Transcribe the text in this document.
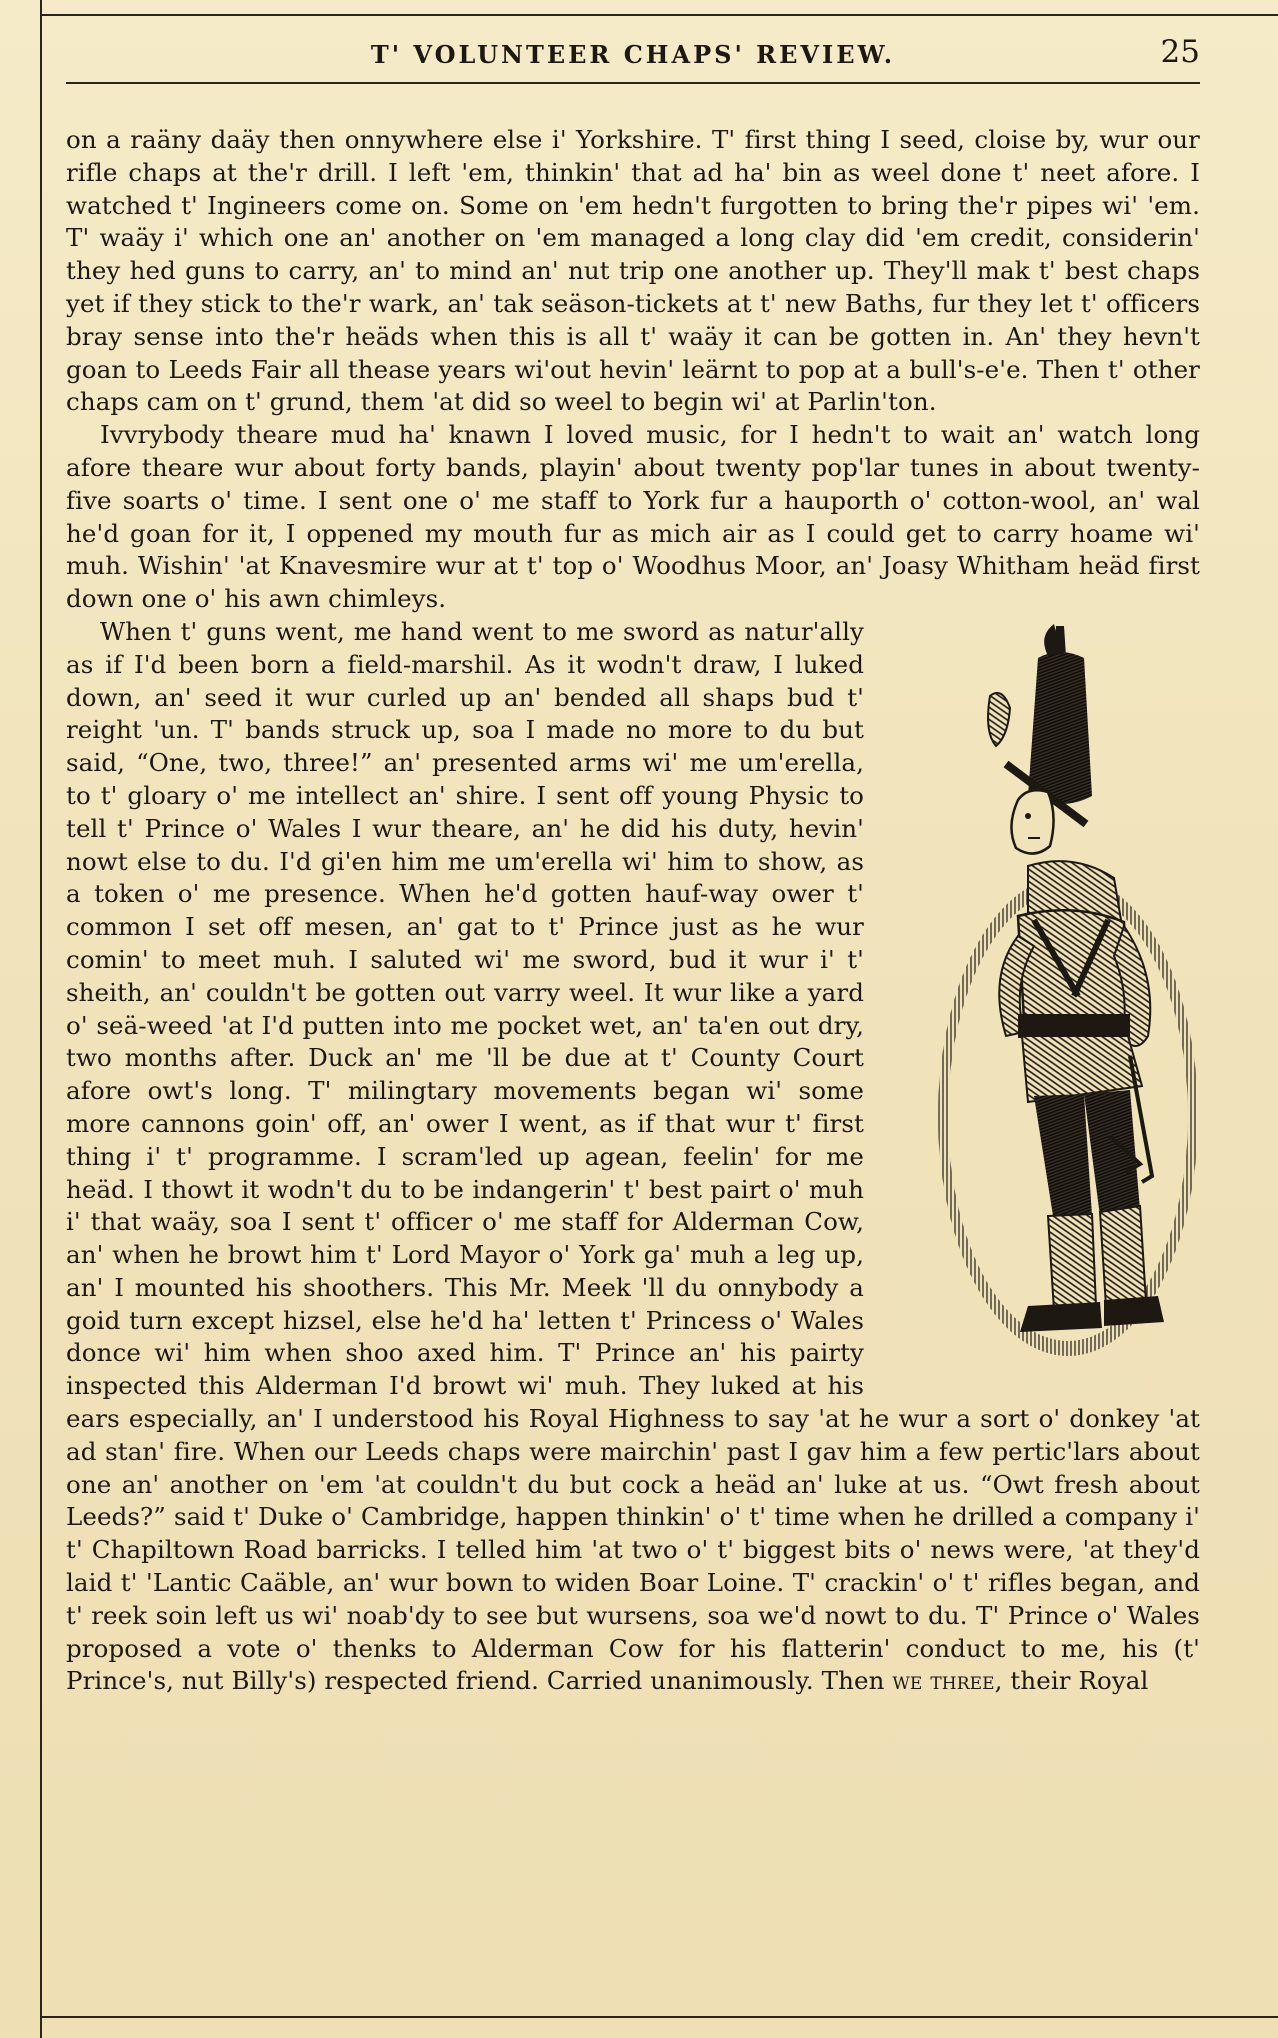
T' VOLUNTEER CHAPS' REVIEW.	25

on a raäny daäy then onnywhere else i' Yorkshire. T' first thing I seed, cloise by, wur our rifle chaps at the'r drill. I left 'em, thinkin' that ad ha' bin as weel done t' neet afore. I watched t' Ingineers come on. Some on 'em hedn't furgotten to bring the'r pipes wi' 'em. T' waäy i' which one an' another on 'em managed a long clay did 'em credit, considerin' they hed guns to carry, an' to mind an' nut trip one another up. They'll mak t' best chaps yet if they stick to the'r wark, an' tak seäson-tickets at t' new Baths, fur they let t' officers bray sense into the'r heäds when this is all t' waäy it can be gotten in. An' they hevn't goan to Leeds Fair all thease years wi'out hevin' leärnt to pop at a bull's-e'e. Then t' other chaps cam on t' grund, them 'at did so weel to begin wi' at Parlin'ton.

Ivvrybody theare mud ha' knawn I loved music, for I hedn't to wait an' watch long afore theare wur about forty bands, playin' about twenty pop'lar tunes in about twenty-five soarts o' time. I sent one o' me staff to York fur a hauporth o' cotton-wool, an' wal he'd goan for it, I oppened my mouth fur as mich air as I could get to carry hoame wi' muh. Wishin' 'at Knavesmire wur at t' top o' Woodhus Moor, an' Joasy Whitham heäd first down one o' his awn chimleys.

When t' guns went, me hand went to me sword as natur'ally as if I'd been born a field-marshil. As it wodn't draw, I luked down, an' seed it wur curled up an' bended all shaps bud t' reight 'un. T' bands struck up, soa I made no more to du but said, “One, two, three!” an' presented arms wi' me um'erella, to t' gloary o' me intellect an' shire. I sent off young Physic to tell t' Prince o' Wales I wur theare, an' he did his duty, hevin' nowt else to du. I'd gi'en him me um'erella wi' him to show, as a token o' me presence. When he'd gotten hauf-way ower t' common I set off mesen, an' gat to t' Prince just as he wur comin' to meet muh. I saluted wi' me sword, bud it wur i' t' sheith, an' couldn't be gotten out varry weel. It wur like a yard o' seä-weed 'at I'd putten into me pocket wet, an' ta'en out dry, two months after. Duck an' me 'll be due at t' County Court afore owt's long. T' milingtary movements began wi' some more cannons goin' off, an' ower I went, as if that wur t' first thing i' t' programme. I scram'led up agean, feelin' for me heäd. I thowt it wodn't du to be indangerin' t' best pairt o' muh i' that waäy, soa I sent t' officer o' me staff for Alderman Cow, an' when he browt him t' Lord Mayor o' York ga' muh a leg up, an' I mounted his shoothers. This Mr. Meek 'll du onnybody a goid turn except hizsel, else he'd ha' letten t' Princess o' Wales donce wi' him when shoo axed him. T' Prince an' his pairty inspected this Alderman I'd browt wi' muh. They luked at his ears especially, an' I understood his Royal Highness to say 'at he wur a sort o' donkey 'at ad stan' fire. When our Leeds chaps were mairchin' past I gav him a few pertic'lars about one an' another on 'em 'at couldn't du but cock a heäd an' luke at us. “Owt fresh about Leeds?” said t' Duke o' Cambridge, happen thinkin' o' t' time when he drilled a company i' t' Chapiltown Road barricks. I telled him 'at two o' t' biggest bits o' news were, 'at they'd laid t' 'Lantic Caäble, an' wur bown to widen Boar Loine. T' crackin' o' t' rifles began, and t' reek soin left us wi' noab'dy to see but wursens, soa we'd nowt to du. T' Prince o' Wales proposed a vote o' thenks to Alderman Cow for his flatterin' conduct to me, his (t' Prince's, nut Billy's) respected friend. Carried unanimously. Then we three, their Royal
